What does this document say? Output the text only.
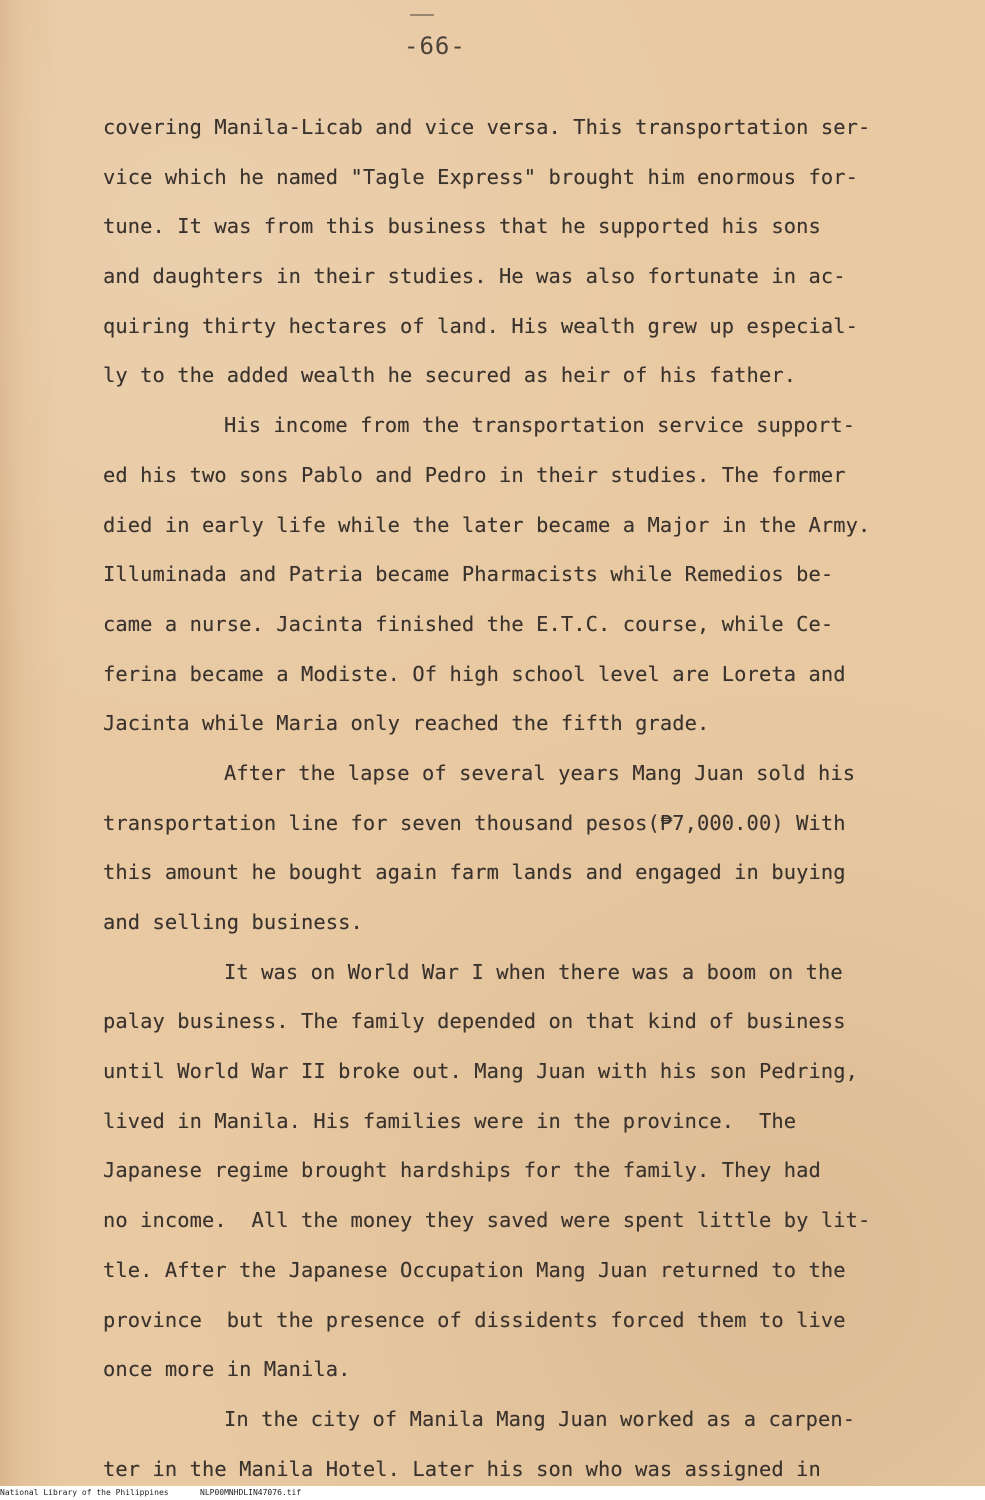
-66-
covering Manila-Licab and vice versa. This transportation ser-
vice which he named "Tagle Express" brought him enormous for-
tune. It was from this business that he supported his sons
and daughters in their studies. He was also fortunate in ac-
quiring thirty hectares of land. His wealth grew up especial-
ly to the added wealth he secured as heir of his father.
His income from the transportation service support-
ed his two sons Pablo and Pedro in their studies. The former
died in early life while the later became a Major in the Army.
Illuminada and Patria became Pharmacists while Remedios be-
came a nurse. Jacinta finished the E.T.C. course, while Ce-
ferina became a Modiste. Of high school level are Loreta and
Jacinta while Maria only reached the fifth grade.
After the lapse of several years Mang Juan sold his
transportation line for seven thousand pesos(₱7,000.00) With
this amount he bought again farm lands and engaged in buying
and selling business.
It was on World War I when there was a boom on the
palay business. The family depended on that kind of business
until World War II broke out. Mang Juan with his son Pedring,
lived in Manila. His families were in the province.  The
Japanese regime brought hardships for the family. They had
no income.  All the money they saved were spent little by lit-
tle. After the Japanese Occupation Mang Juan returned to the
province  but the presence of dissidents forced them to live
once more in Manila.
In the city of Manila Mang Juan worked as a carpen-
ter in the Manila Hotel. Later his son who was assigned in
National Library of the Philippines	NLP00MNHDLIN47076.tif
